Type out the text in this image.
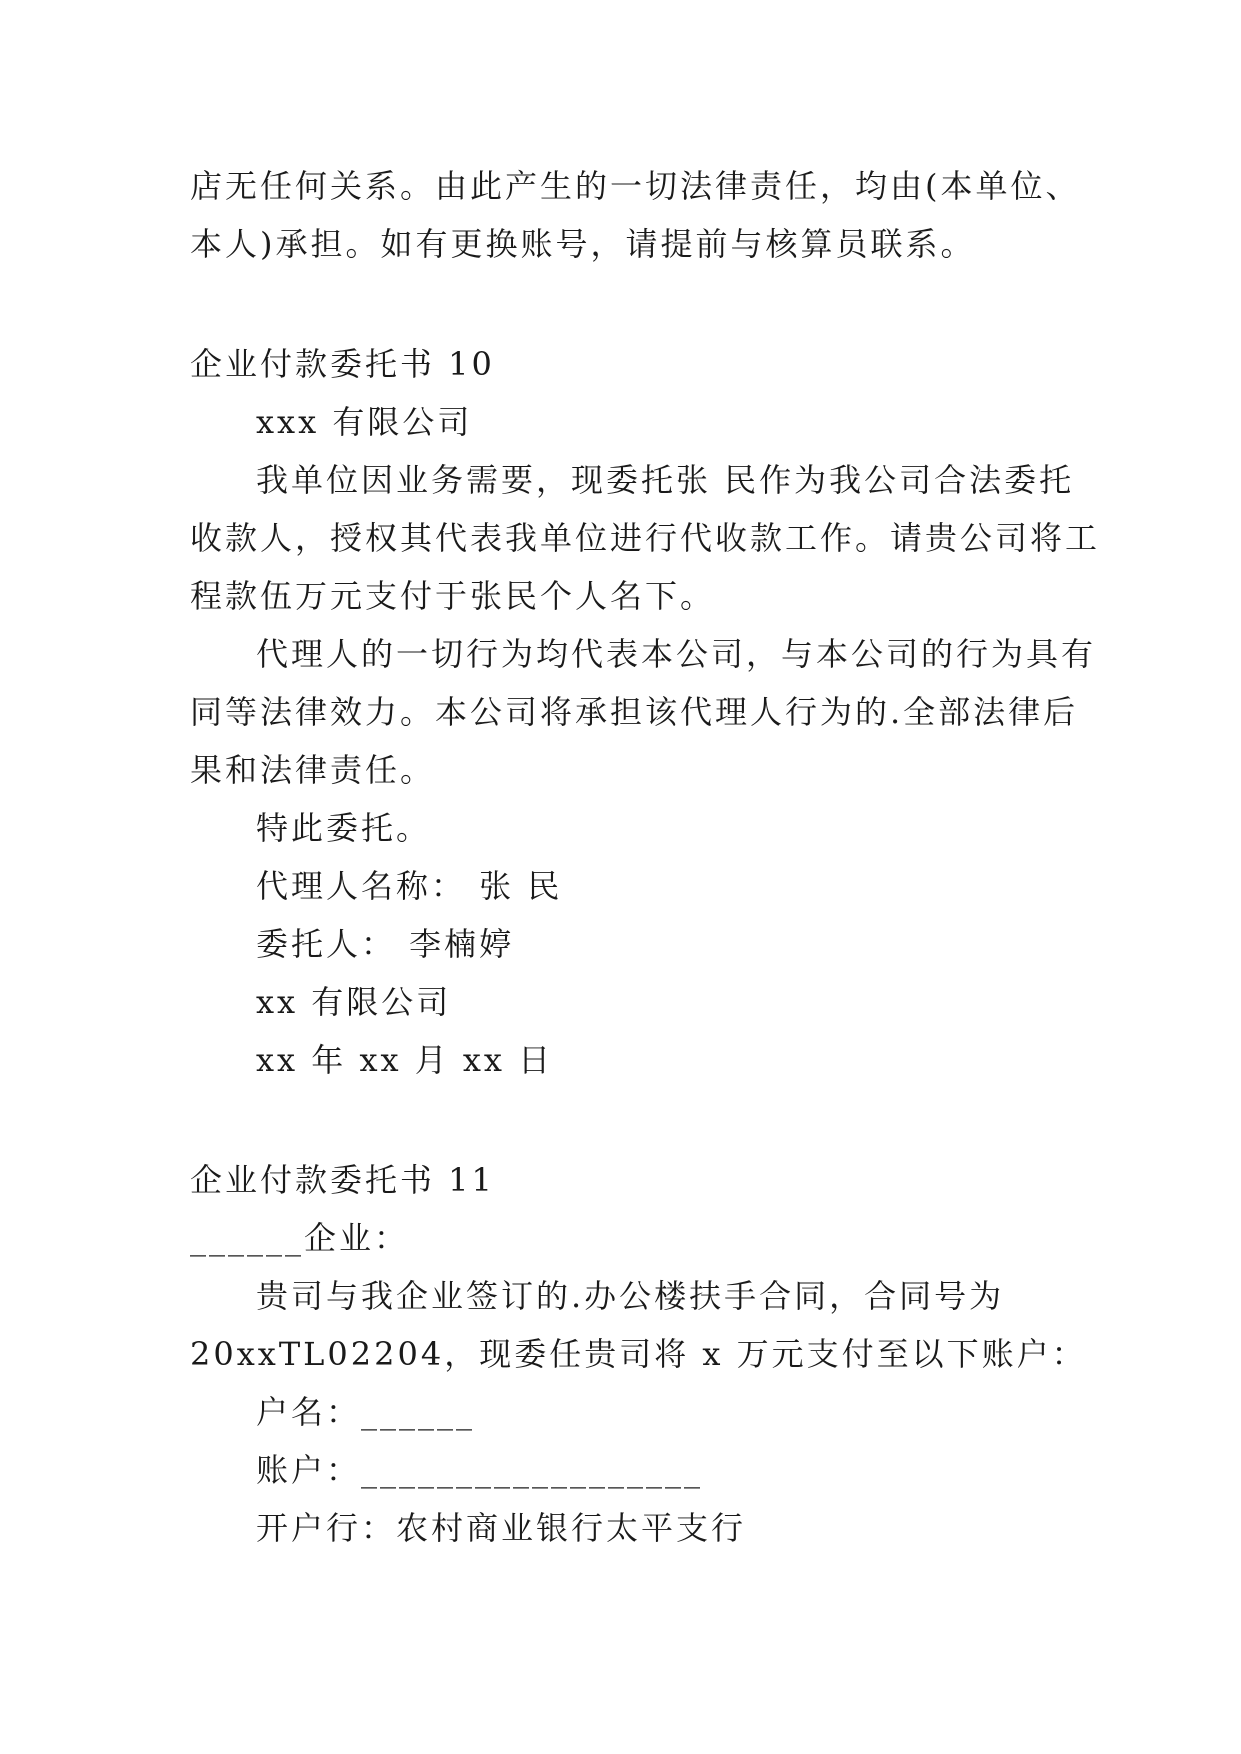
店无任何关系。由此产生的一切法律责任，均由(本单位、
本人)承担。如有更换账号，请提前与核算员联系。
企业付款委托书 10
xxx 有限公司
我单位因业务需要，现委托张 民作为我公司合法委托
收款人，授权其代表我单位进行代收款工作。请贵公司将工
程款伍万元支付于张民个人名下。
代理人的一切行为均代表本公司，与本公司的行为具有
同等法律效力。本公司将承担该代理人行为的.全部法律后
果和法律责任。
特此委托。
代理人名称： 张 民
委托人： 李楠婷
xx 有限公司
xx 年 xx 月 xx 日
企业付款委托书 11
______企业：
贵司与我企业签订的.办公楼扶手合同，合同号为
20xxTL02204，现委任贵司将 x 万元支付至以下账户：
户名：______
账户：__________________
开户行：农村商业银行太平支行
